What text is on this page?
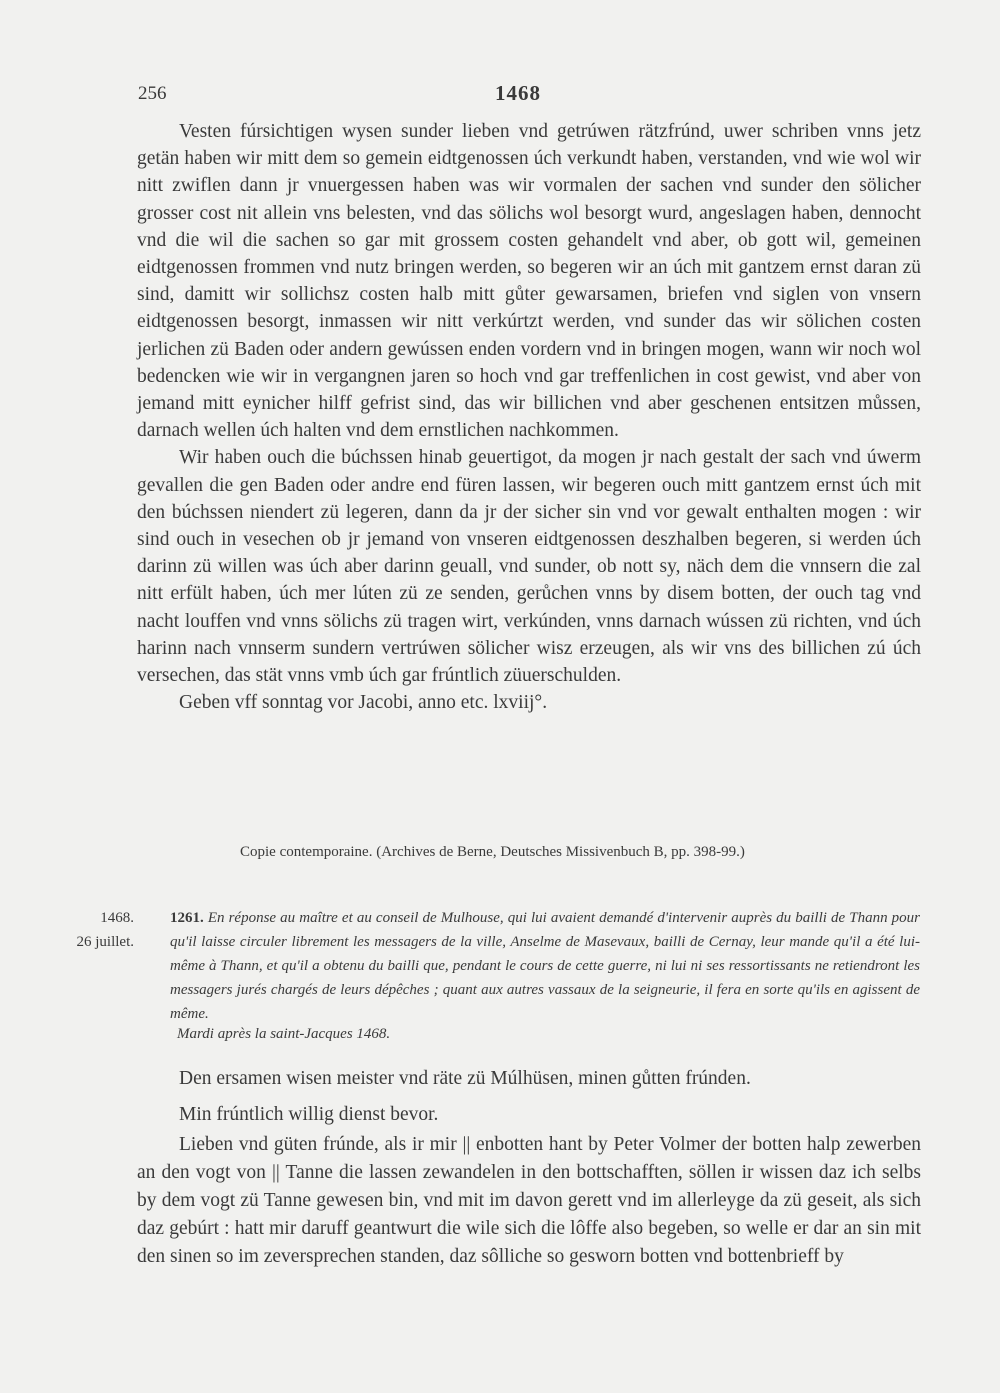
256	1468

Vesten fúrsichtigen wysen sunder lieben vnd getrúwen rätzfrúnd, uwer schriben vnns jetz getän haben wir mitt dem so gemein eidtgenossen úch verkundt haben, verstanden, vnd wie wol wir nitt zwiflen dann jr vnuergessen haben was wir vormalen der sachen vnd sunder den sölicher grosser cost nit allein vns belesten, vnd das sölichs wol besorgt wurd, angeslagen haben, dennocht vnd die wil die sachen so gar mit grossem costen gehandelt vnd aber, ob gott wil, gemeinen eidtgenossen frommen vnd nutz bringen werden, so begeren wir an úch mit gantzem ernst daran zü sind, damitt wir sollichsz costen halb mitt gůter gewarsamen, briefen vnd siglen von vnsern eidtgenossen besorgt, inmassen wir nitt verkúrtzt werden, vnd sunder das wir sölichen costen jerlichen zü Baden oder andern gewússen enden vordern vnd in bringen mogen, wann wir noch wol bedencken wie wir in vergangnen jaren so hoch vnd gar treffenlichen in cost gewist, vnd aber von jemand mitt eynicher hilff gefrist sind, das wir billichen vnd aber geschenen entsitzen můssen, darnach wellen úch halten vnd dem ernstlichen nachkommen.

Wir haben ouch die búchssen hinab geuertigot, da mogen jr nach gestalt der sach vnd úwerm gevallen die gen Baden oder andre end füren lassen, wir begeren ouch mitt gantzem ernst úch mit den búchssen niendert zü legeren, dann da jr der sicher sin vnd vor gewalt enthalten mogen : wir sind ouch in vesechen ob jr jemand von vnseren eidtgenossen deszhalben begeren, si werden úch darinn zü willen was úch aber darinn geuall, vnd sunder, ob nott sy, näch dem die vnnsern die zal nitt erfült haben, úch mer lúten zü ze senden, gerůchen vnns by disem botten, der ouch tag vnd nacht louffen vnd vnns sölichs zü tragen wirt, verkúnden, vnns darnach wússen zü richten, vnd úch harinn nach vnnserm sundern vertrúwen sölicher wisz erzeugen, als wir vns des billichen zú úch versechen, das stät vnns vmb úch gar frúntlich züuerschulden.

Geben vff sonntag vor Jacobi, anno etc. lxviij°.

Copie contemporaine. (Archives de Berne, Deutsches Missivenbuch B, pp. 398-99.)
1468.
26 juillet.
1261. En réponse au maître et au conseil de Mulhouse, qui lui avaient demandé d'intervenir auprès du bailli de Thann pour qu'il laisse circuler librement les messagers de la ville, Anselme de Masevaux, bailli de Cernay, leur mande qu'il a été lui-même à Thann, et qu'il a obtenu du bailli que, pendant le cours de cette guerre, ni lui ni ses ressortissants ne retiendront les messagers jurés chargés de leurs dépêches ; quant aux autres vassaux de la seigneurie, il fera en sorte qu'ils en agissent de même.
Mardi après la saint-Jacques 1468.

Den ersamen wisen meister vnd räte zü Múlhüsen, minen gůtten frúnden.

Min frúntlich willig dienst bevor.

Lieben vnd güten frúnde, als ir mir || enbotten hant by Peter Volmer der botten halp zewerben an den vogt von || Tanne die lassen zewandelen in den bottschafften, söllen ir wissen daz ich selbs by dem vogt zü Tanne gewesen bin, vnd mit im davon gerett vnd im allerleyge da zü geseit, als sich daz gebúrt : hatt mir daruff geantwurt die wile sich die lôffe also begeben, so welle er dar an sin mit den sinen so im zeversprechen standen, daz sôlliche so gesworn botten vnd bottenbrieff by
